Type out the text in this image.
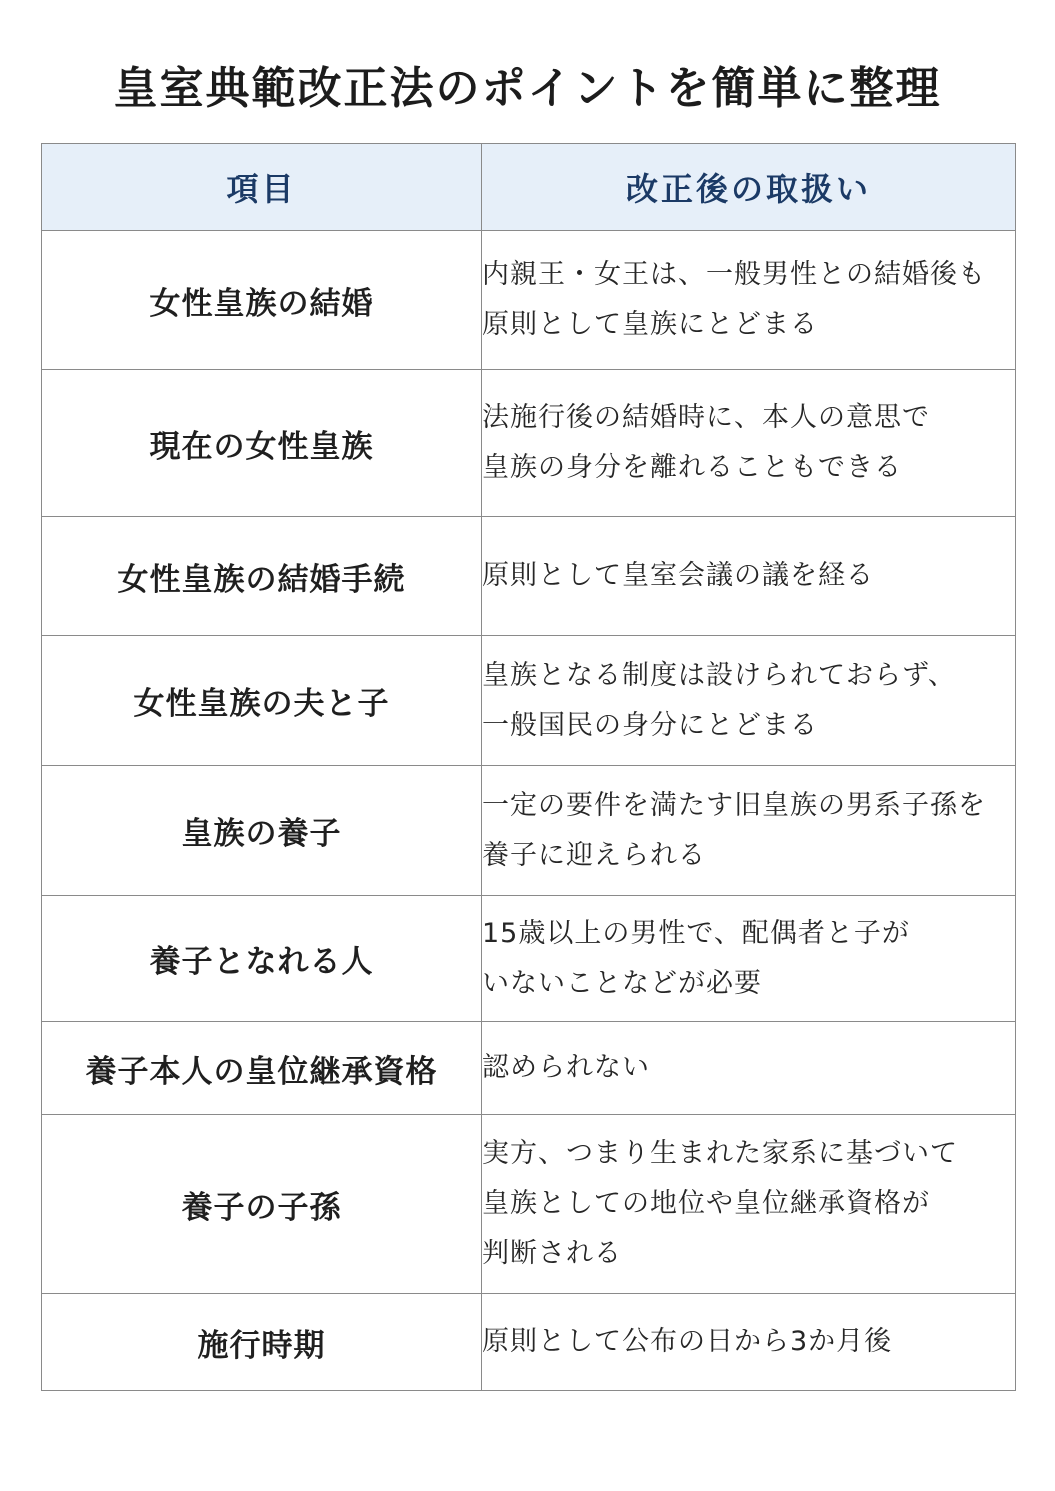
皇室典範改正法のポイントを簡単に整理
項目	改正後の取扱い
女性皇族の結婚	内親王・女王は、一般男性との結婚後も
原則として皇族にとどまる
現在の女性皇族	法施行後の結婚時に、本人の意思で
皇族の身分を離れることもできる
女性皇族の結婚手続	原則として皇室会議の議を経る
女性皇族の夫と子	皇族となる制度は設けられておらず、
一般国民の身分にとどまる
皇族の養子	一定の要件を満たす旧皇族の男系子孫を
養子に迎えられる
養子となれる人	15歳以上の男性で、配偶者と子が
いないことなどが必要
養子本人の皇位継承資格	認められない
養子の子孫	実方、つまり生まれた家系に基づいて
皇族としての地位や皇位継承資格が
判断される
施行時期	原則として公布の日から3か月後
